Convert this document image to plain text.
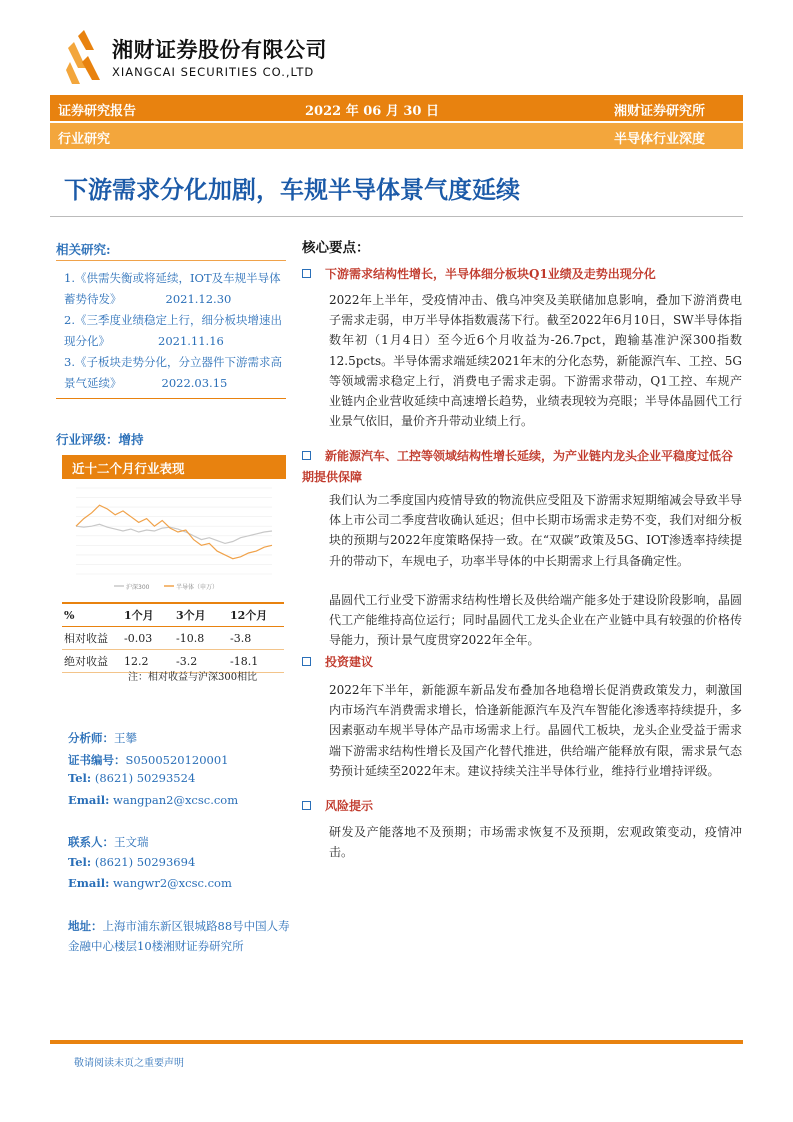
湘财证券股份有限公司
XIANGCAI SECURITIES CO.,LTD
证券研究报告	2022 年 06 月 30 日	湘财证券研究所
行业研究	半导体行业深度
下游需求分化加剧，车规半导体景气度延续
相关研究:
1.《供需失衡或将延续，IOT及车规半导体蓄势待发》	2021.12.30
2.《三季度业绩稳定上行，细分板块增速出现分化》	2021.11.16
3.《子板块走势分化，分立器件下游需求高景气延续》	2022.03.15
行业评级：增持
近十二个月行业表现
沪深300	半导体（申万）
%	1个月	3个月	12个月
相对收益	-0.03	-10.8	-3.8
绝对收益	12.2	-3.2	-18.1
注：相对收益与沪深300相比
分析师：王攀
证书编号：S0500520120001
Tel: (8621) 50293524
Email: wangpan2@xcsc.com
联系人：王文瑞
Tel: (8621) 50293694
Email: wangwr2@xcsc.com
地址：上海市浦东新区银城路88号中国人寿金融中心楼层10楼湘财证券研究所
核心要点：
下游需求结构性增长，半导体细分板块Q1业绩及走势出现分化
2022年上半年，受疫情冲击、俄乌冲突及美联储加息影响，叠加下游消费电子需求走弱，申万半导体指数震荡下行。截至2022年6月10日，SW半导体指数年初（1月4日）至今近6个月收益为-26.7pct，跑输基准沪深300指数12.5pcts。半导体需求端延续2021年末的分化态势，新能源汽车、工控、5G等领域需求稳定上行，消费电子需求走弱。下游需求带动，Q1工控、车规产业链内企业营收延续中高速增长趋势，业绩表现较为亮眼；半导体晶圆代工行业景气依旧，量价齐升带动业绩上行。
新能源汽车、工控等领域结构性增长延续，为产业链内龙头企业平稳度过低谷期提供保障
我们认为二季度国内疫情导致的物流供应受阻及下游需求短期缩减会导致半导体上市公司二季度营收确认延迟；但中长期市场需求走势不变，我们对细分板块的预期与2022年度策略保持一致。在“双碳”政策及5G、IOT渗透率持续提升的带动下，车规电子，功率半导体的中长期需求上行具备确定性。
晶圆代工行业受下游需求结构性增长及供给端产能多处于建设阶段影响，晶圆代工产能维持高位运行；同时晶圆代工龙头企业在产业链中具有较强的价格传导能力，预计景气度贯穿2022年全年。
投资建议
2022年下半年，新能源车新品发布叠加各地稳增长促消费政策发力，刺激国内市场汽车消费需求增长，恰逢新能源汽车及汽车智能化渗透率持续提升，多因素驱动车规半导体产品市场需求上行。晶圆代工板块，龙头企业受益于需求端下游需求结构性增长及国产化替代推进，供给端产能释放有限，需求景气态势预计延续至2022年末。建议持续关注半导体行业，维持行业增持评级。
风险提示
研发及产能落地不及预期；市场需求恢复不及预期，宏观政策变动，疫情冲击。
敬请阅读末页之重要声明
